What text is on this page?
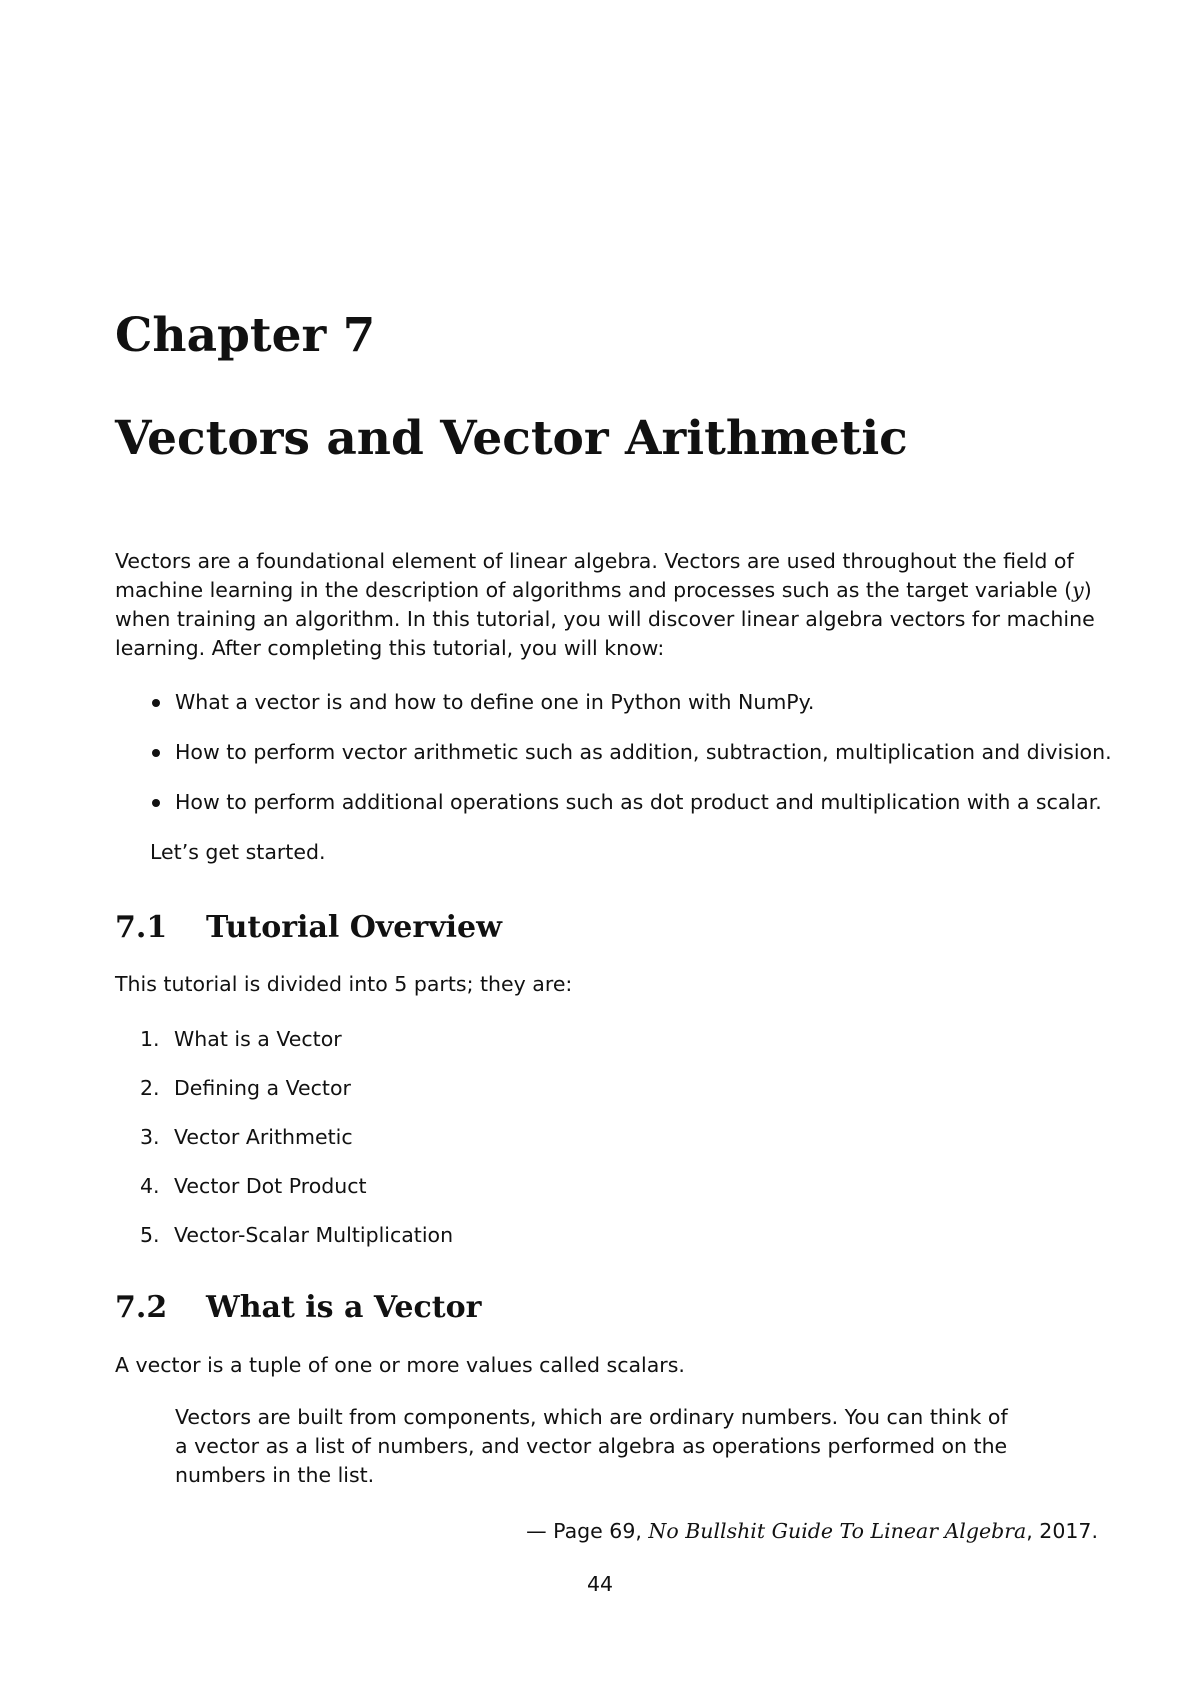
Chapter 7
Vectors and Vector Arithmetic

Vectors are a foundational element of linear algebra. Vectors are used throughout the field of
machine learning in the description of algorithms and processes such as the target variable (y)
when training an algorithm. In this tutorial, you will discover linear algebra vectors for machine
learning. After completing this tutorial, you will know:

What a vector is and how to define one in Python with NumPy.
How to perform vector arithmetic such as addition, subtraction, multiplication and division.
How to perform additional operations such as dot product and multiplication with a scalar.

Let’s get started.

7.1 Tutorial Overview

This tutorial is divided into 5 parts; they are:

1. What is a Vector
2. Defining a Vector
3. Vector Arithmetic
4. Vector Dot Product
5. Vector-Scalar Multiplication
7.2 What is a Vector

A vector is a tuple of one or more values called scalars.

Vectors are built from components, which are ordinary numbers. You can think of
a vector as a list of numbers, and vector algebra as operations performed on the
numbers in the list.

— Page 69, No Bullshit Guide To Linear Algebra, 2017.

44
